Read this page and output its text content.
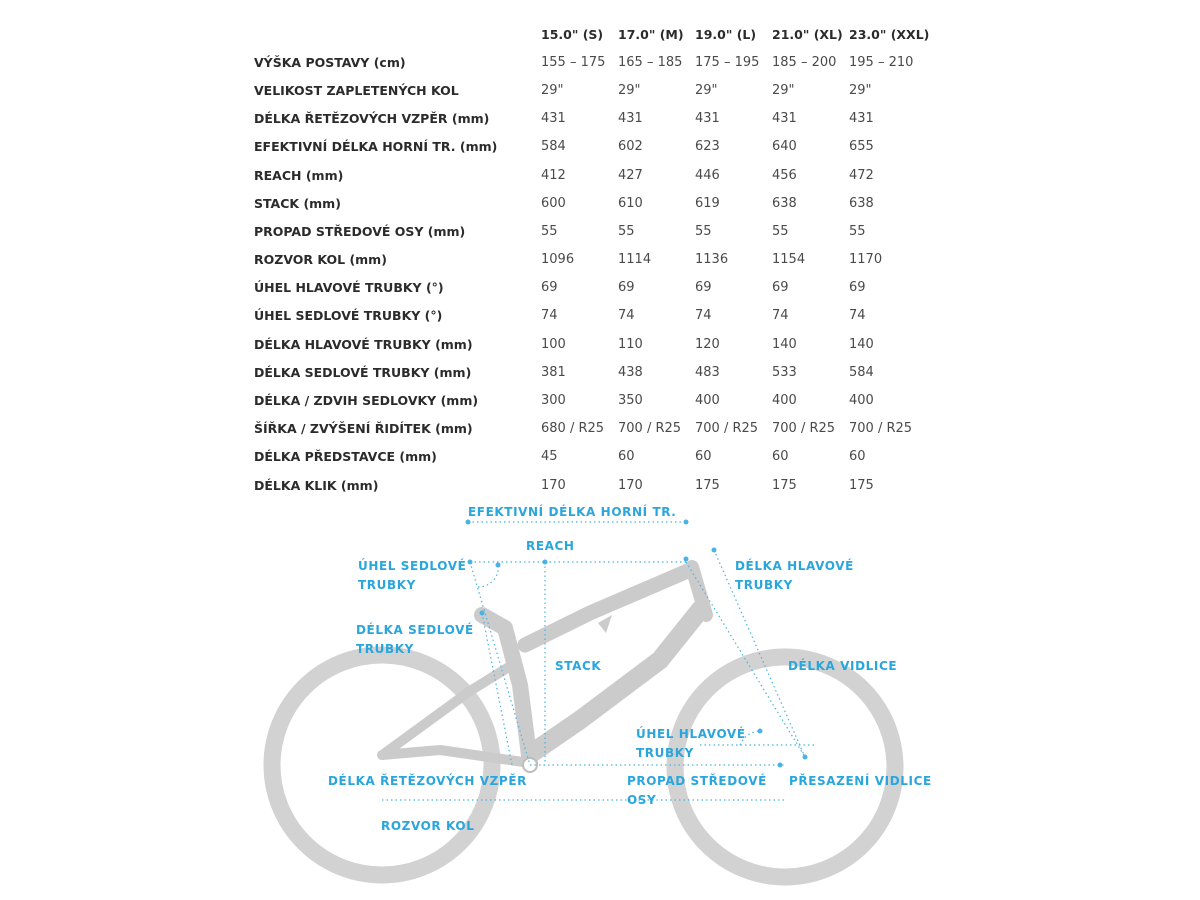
	15.0" (S)	17.0" (M)	19.0" (L)	21.0" (XL)	23.0" (XXL)
VÝŠKA POSTAVY (cm)	155 – 175	165 – 185	175 – 195	185 – 200	195 – 210
VELIKOST ZAPLETENÝCH KOL	29"	29"	29"	29"	29"
DÉLKA ŘETĚZOVÝCH VZPĚR (mm)	431	431	431	431	431
EFEKTIVNÍ DÉLKA HORNÍ TR. (mm)	584	602	623	640	655
REACH (mm)	412	427	446	456	472
STACK (mm)	600	610	619	638	638
PROPAD STŘEDOVÉ OSY (mm)	55	55	55	55	55
ROZVOR KOL (mm)	1096	1114	1136	1154	1170
ÚHEL HLAVOVÉ TRUBKY (°)	69	69	69	69	69
ÚHEL SEDLOVÉ TRUBKY (°)	74	74	74	74	74
DÉLKA HLAVOVÉ TRUBKY (mm)	100	110	120	140	140
DÉLKA SEDLOVÉ TRUBKY (mm)	381	438	483	533	584
DÉLKA / ZDVIH SEDLOVKY (mm)	300	350	400	400	400
ŠÍŘKA / ZVÝŠENÍ ŘIDÍTEK (mm)	680 / R25	700 / R25	700 / R25	700 / R25	700 / R25
DÉLKA PŘEDSTAVCE (mm)	45	60	60	60	60
DÉLKA KLIK (mm)	170	170	175	175	175
EFEKTIVNÍ DÉLKA HORNÍ TR.
REACH
ÚHEL SEDLOVÉ
TRUBKY
DÉLKA HLAVOVÉ
TRUBKY
DÉLKA SEDLOVÉ
TRUBKY
STACK	DÉLKA VIDLICE
ÚHEL HLAVOVÉ
TRUBKY
DÉLKA ŘETĚZOVÝCH VZPĚR	PROPAD STŘEDOVÉ
OSY
PŘESAZENÍ VIDLICE
ROZVOR KOL
